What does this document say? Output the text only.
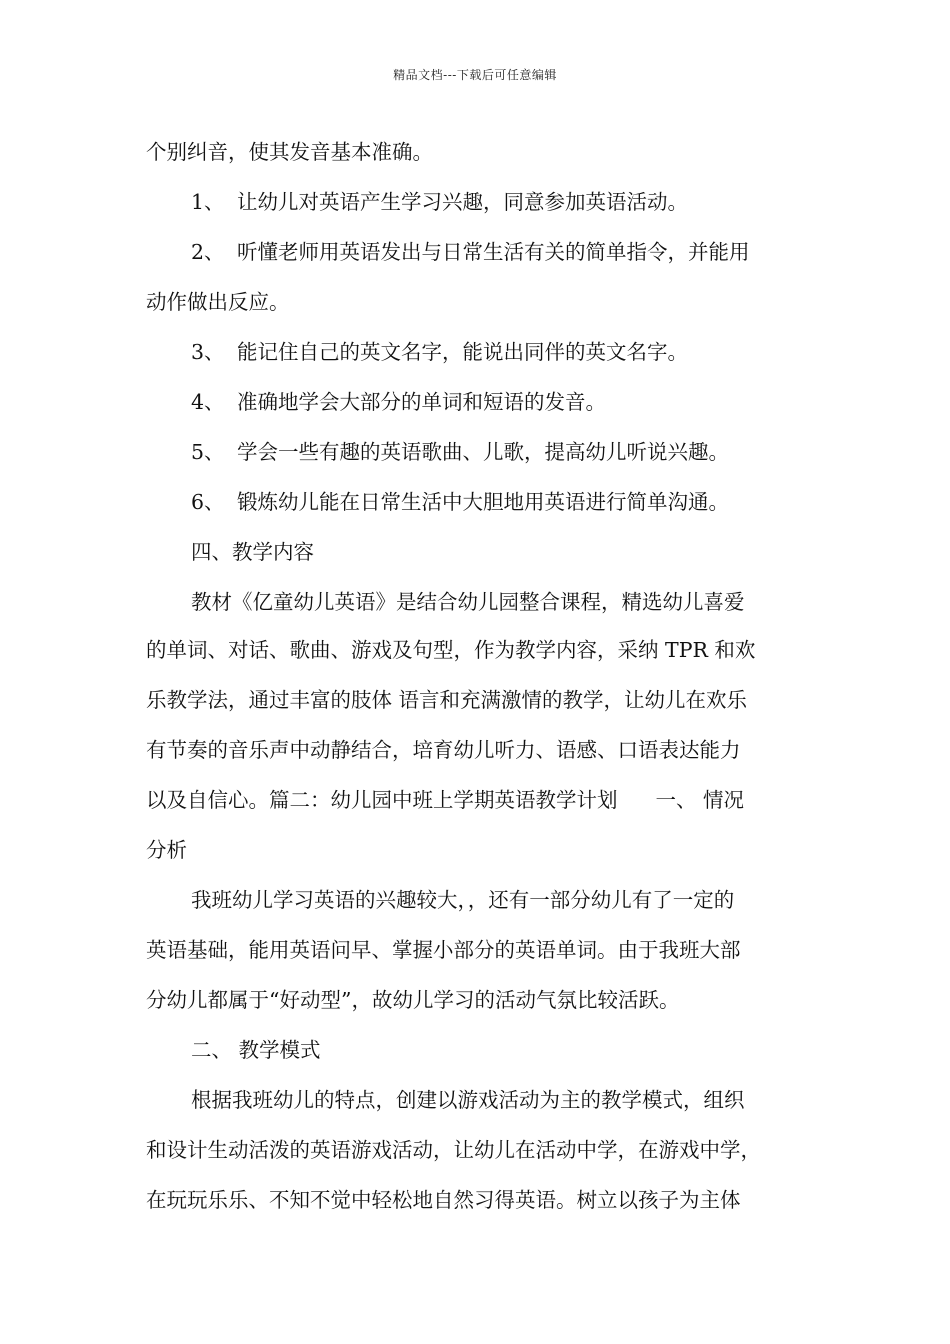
精品文档---下载后可任意编辑
个别纠音，使其发音基本准确。
1、 让幼儿对英语产生学习兴趣，同意参加英语活动。
2、 听懂老师用英语发出与日常生活有关的简单指令，并能用
动作做出反应。
3、 能记住自己的英文名字，能说出同伴的英文名字。
4、 准确地学会大部分的单词和短语的发音。
5、 学会一些有趣的英语歌曲、儿歌，提高幼儿听说兴趣。
6、 锻炼幼儿能在日常生活中大胆地用英语进行简单沟通。
四、教学内容
教材《亿童幼儿英语》是结合幼儿园整合课程，精选幼儿喜爱
的单词、对话、歌曲、游戏及句型，作为教学内容，采纳 TPR 和欢
乐教学法，通过丰富的肢体 语言和充满激情的教学，让幼儿在欢乐
有节奏的音乐声中动静结合，培育幼儿听力、语感、口语表达能力
以及自信心。篇二：幼儿园中班上学期英语教学计划 一、 情况
分析
我班幼儿学习英语的兴趣较大，，还有一部分幼儿有了一定的
英语基础，能用英语问早、掌握小部分的英语单词。由于我班大部
分幼儿都属于“好动型”，故幼儿学习的活动气氛比较活跃。
二、 教学模式
根据我班幼儿的特点，创建以游戏活动为主的教学模式，组织
和设计生动活泼的英语游戏活动，让幼儿在活动中学，在游戏中学，
在玩玩乐乐、不知不觉中轻松地自然习得英语。树立以孩子为主体
